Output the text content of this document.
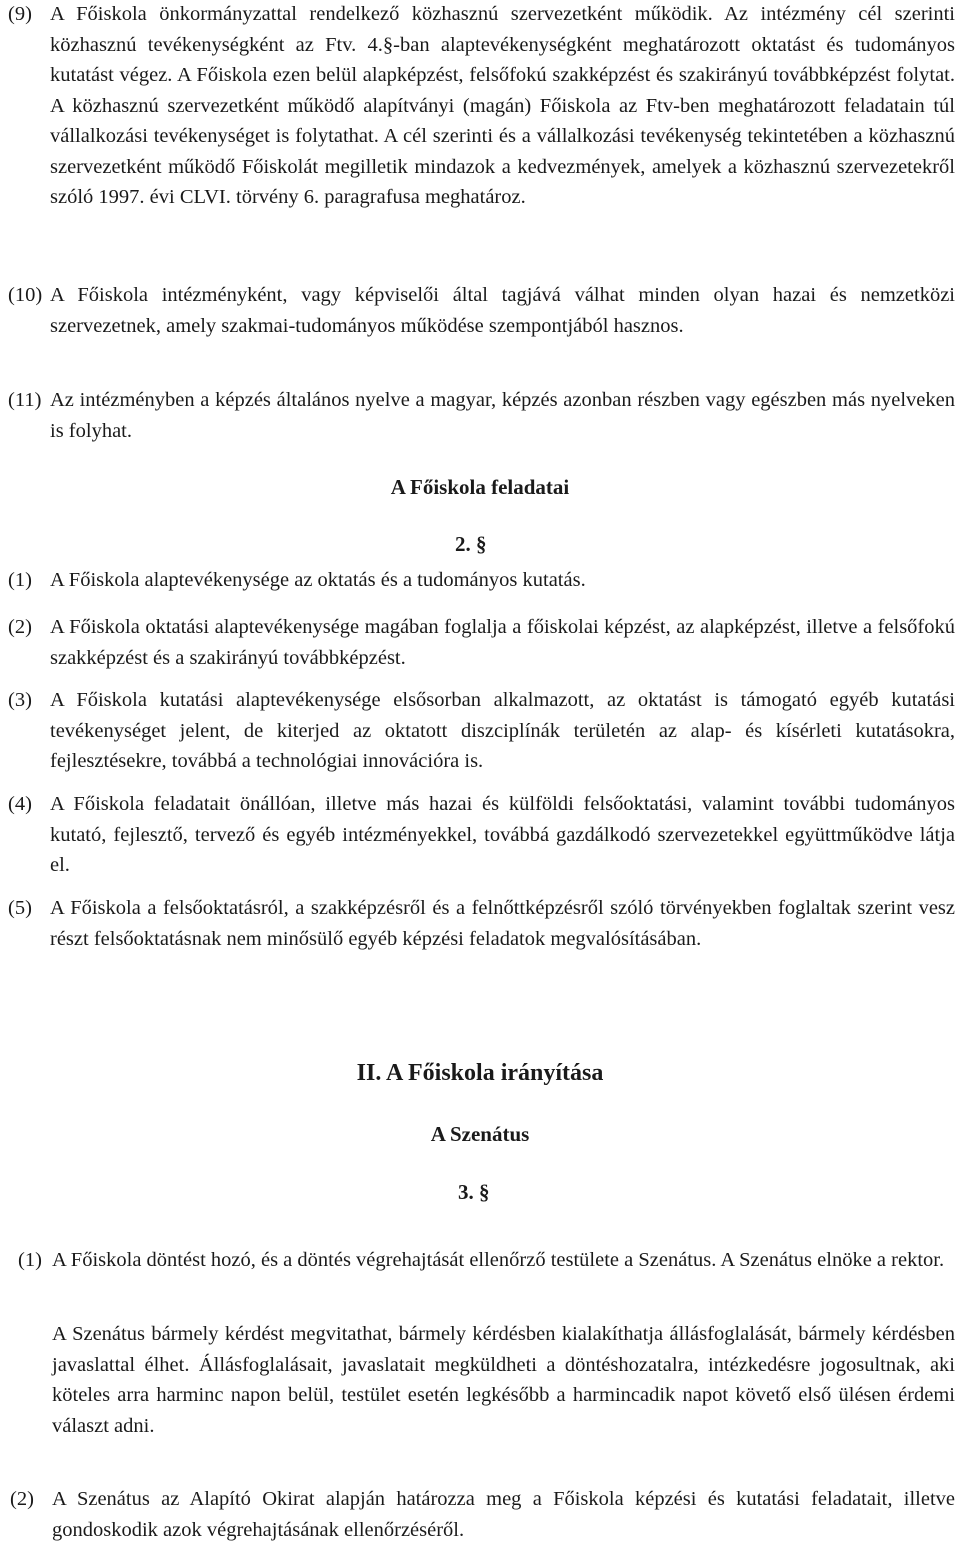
(9) A Főiskola önkormányzattal rendelkező közhasznú szervezetként működik. Az intézmény cél szerinti közhasznú tevékenységként az Ftv. 4.§-ban alaptevékenységként meghatározott oktatást és tudományos kutatást végez. A Főiskola ezen belül alapképzést, felsőfokú szakképzést és szakirányú továbbképzést folytat. A közhasznú szervezetként működő alapítványi (magán) Főiskola az Ftv-ben meghatározott feladatain túl vállalkozási tevékenységet is folytathat. A cél szerinti és a vállalkozási tevékenység tekintetében a közhasznú szervezetként működő Főiskolát megilletik mindazok a kedvezmények, amelyek a közhasznú szervezetekről szóló 1997. évi CLVI. törvény 6. paragrafusa meghatároz.
(10) A Főiskola intézményként, vagy képviselői által tagjává válhat minden olyan hazai és nemzetközi szervezetnek, amely szakmai-tudományos működése szempontjából hasznos.
(11) Az intézményben a képzés általános nyelve a magyar, képzés azonban részben vagy egészben más nyelveken is folyhat.
A Főiskola feladatai
2. §
(1) A Főiskola alaptevékenysége az oktatás és a tudományos kutatás.
(2) A Főiskola oktatási alaptevékenysége magában foglalja a főiskolai képzést, az alapképzést, illetve a felsőfokú szakképzést és a szakirányú továbbképzést.
(3) A Főiskola kutatási alaptevékenysége elsősorban alkalmazott, az oktatást is támogató egyéb kutatási tevékenységet jelent, de kiterjed az oktatott diszciplínák területén az alap- és kísérleti kutatásokra, fejlesztésekre, továbbá a technológiai innovációra is.
(4) A Főiskola feladatait önállóan, illetve más hazai és külföldi felsőoktatási, valamint további tudományos kutató, fejlesztő, tervező és egyéb intézményekkel, továbbá gazdálkodó szervezetekkel együttműködve látja el.
(5) A Főiskola a felsőoktatásról, a szakképzésről és a felnőttképzésről szóló törvényekben foglaltak szerint vesz részt felsőoktatásnak nem minősülő egyéb képzési feladatok megvalósításában.
II. A Főiskola irányítása
A Szenátus
3. §
(1) A Főiskola döntést hozó, és a döntés végrehajtását ellenőrző testülete a Szenátus. A Szenátus elnöke a rektor.
A Szenátus bármely kérdést megvitathat, bármely kérdésben kialakíthatja állásfoglalását, bármely kérdésben javaslattal élhet. Állásfoglalásait, javaslatait megküldheti a döntéshozatalra, intézkedésre jogosultnak, aki köteles arra harminc napon belül, testület esetén legkésőbb a harmincadik napot követő első ülésen érdemi választ adni.
(2) A Szenátus az Alapító Okirat alapján határozza meg a Főiskola képzési és kutatási feladatait, illetve gondoskodik azok végrehajtásának ellenőrzéséről.
